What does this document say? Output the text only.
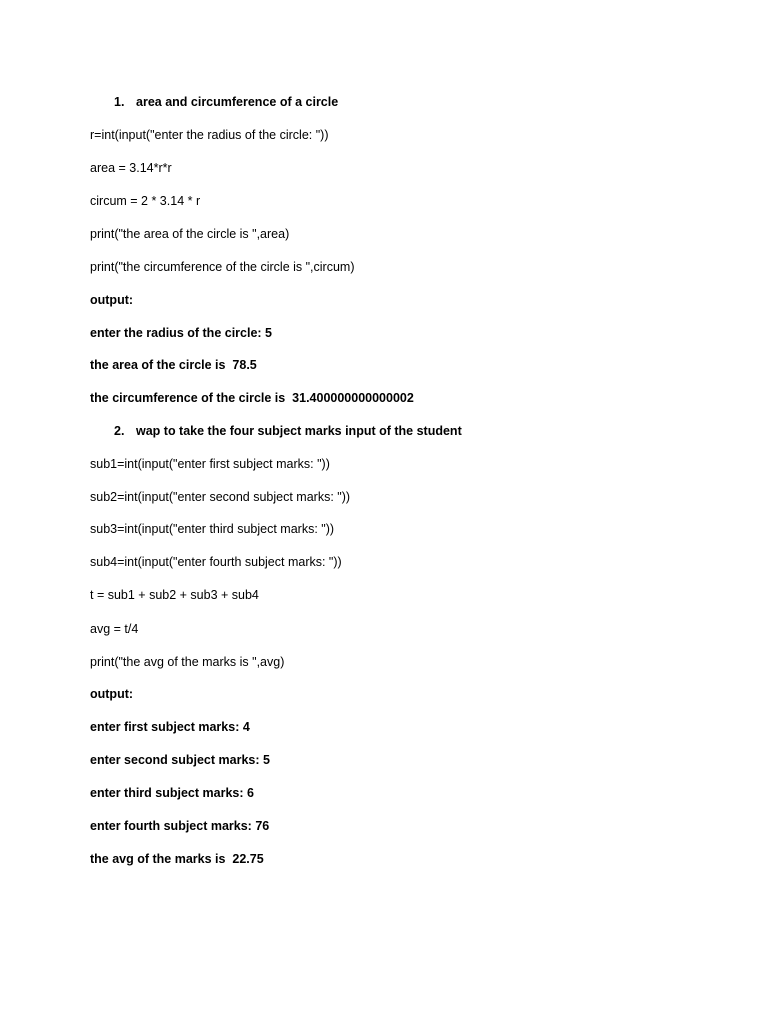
1.

area and circumference of a circle

r=int(input("enter the radius of the circle: "))
area = 3.14*r*r
circum = 2 * 3.14 * r
print("the area of the circle is ",area)
print("the circumference of the circle is ",circum)
output:
enter the radius of the circle: 5
the area of the circle is  78.5
the circumference of the circle is  31.400000000000002

2.

wap to take the four subject marks input of the student

sub1=int(input("enter first subject marks: "))
sub2=int(input("enter second subject marks: "))
sub3=int(input("enter third subject marks: "))
sub4=int(input("enter fourth subject marks: "))
t = sub1 + sub2 + sub3 + sub4
avg = t/4
print("the avg of the marks is ",avg)
output:
enter first subject marks: 4
enter second subject marks: 5
enter third subject marks: 6
enter fourth subject marks: 76
the avg of the marks is  22.75
